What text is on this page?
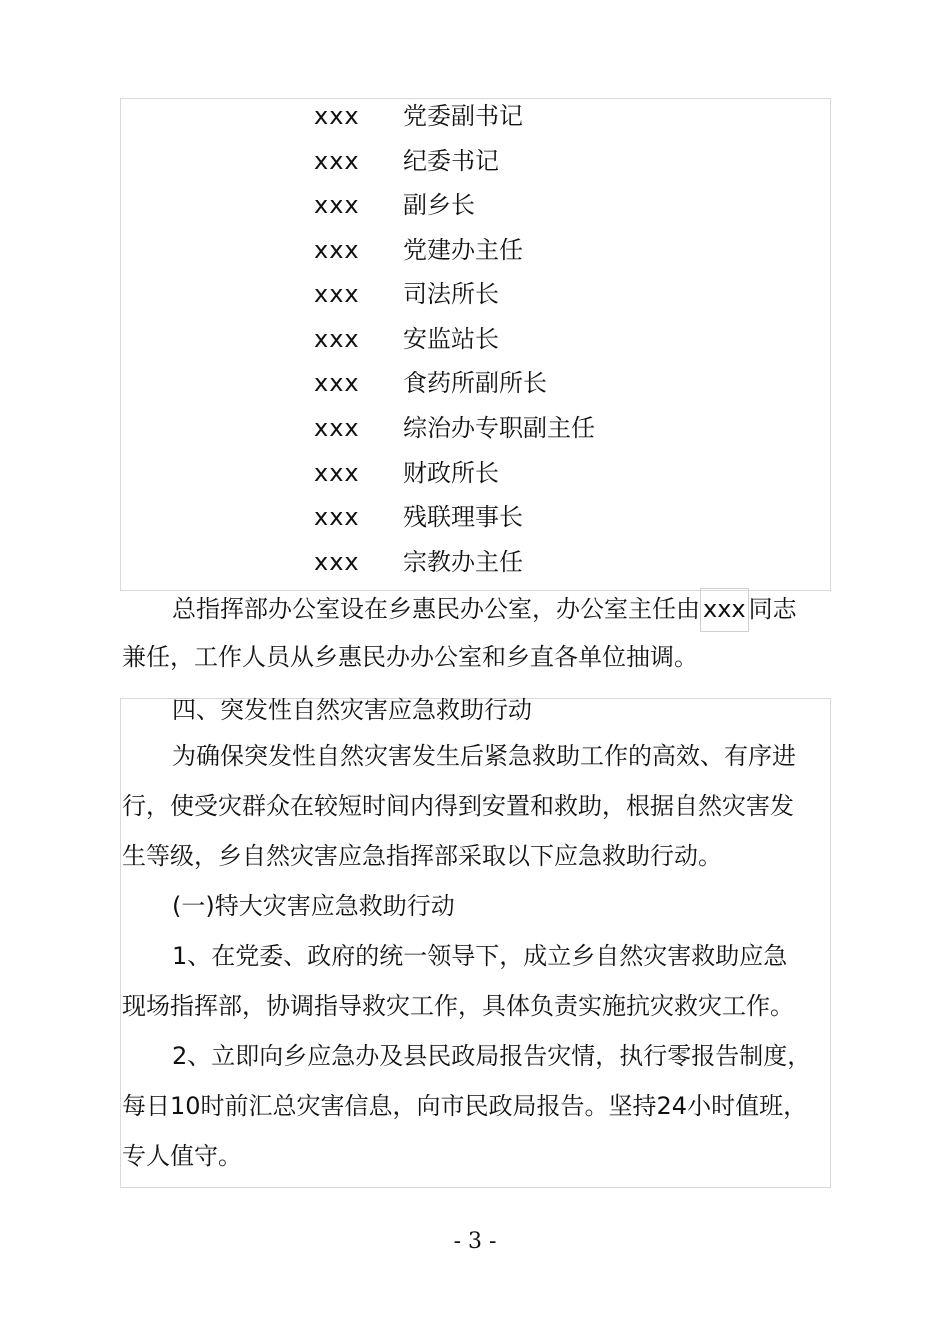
xxx 党委副书记
xxx 纪委书记
xxx 副乡长
xxx 党建办主任
xxx 司法所长
xxx 安监站长
xxx 食药所副所长
xxx 综治办专职副主任
xxx 财政所长
xxx 残联理事长
xxx 宗教办主任
总指挥部办公室设在乡惠民办公室，办公室主任由 xxx 同志
兼任，工作人员从乡惠民办办公室和乡直各单位抽调。
四、突发性自然灾害应急救助行动
为确保突发性自然灾害发生后紧急救助工作的高效、有序进
行，使受灾群众在较短时间内得到安置和救助，根据自然灾害发
生等级，乡自然灾害应急指挥部采取以下应急救助行动。
(一)特大灾害应急救助行动
1、在党委、政府的统一领导下，成立乡自然灾害救助应急
现场指挥部，协调指导救灾工作，具体负责实施抗灾救灾工作。
2、立即向乡应急办及县民政局报告灾情，执行零报告制度，
每日10时前汇总灾害信息，向市民政局报告。坚持24小时值班，
专人值守。
- 3 -
